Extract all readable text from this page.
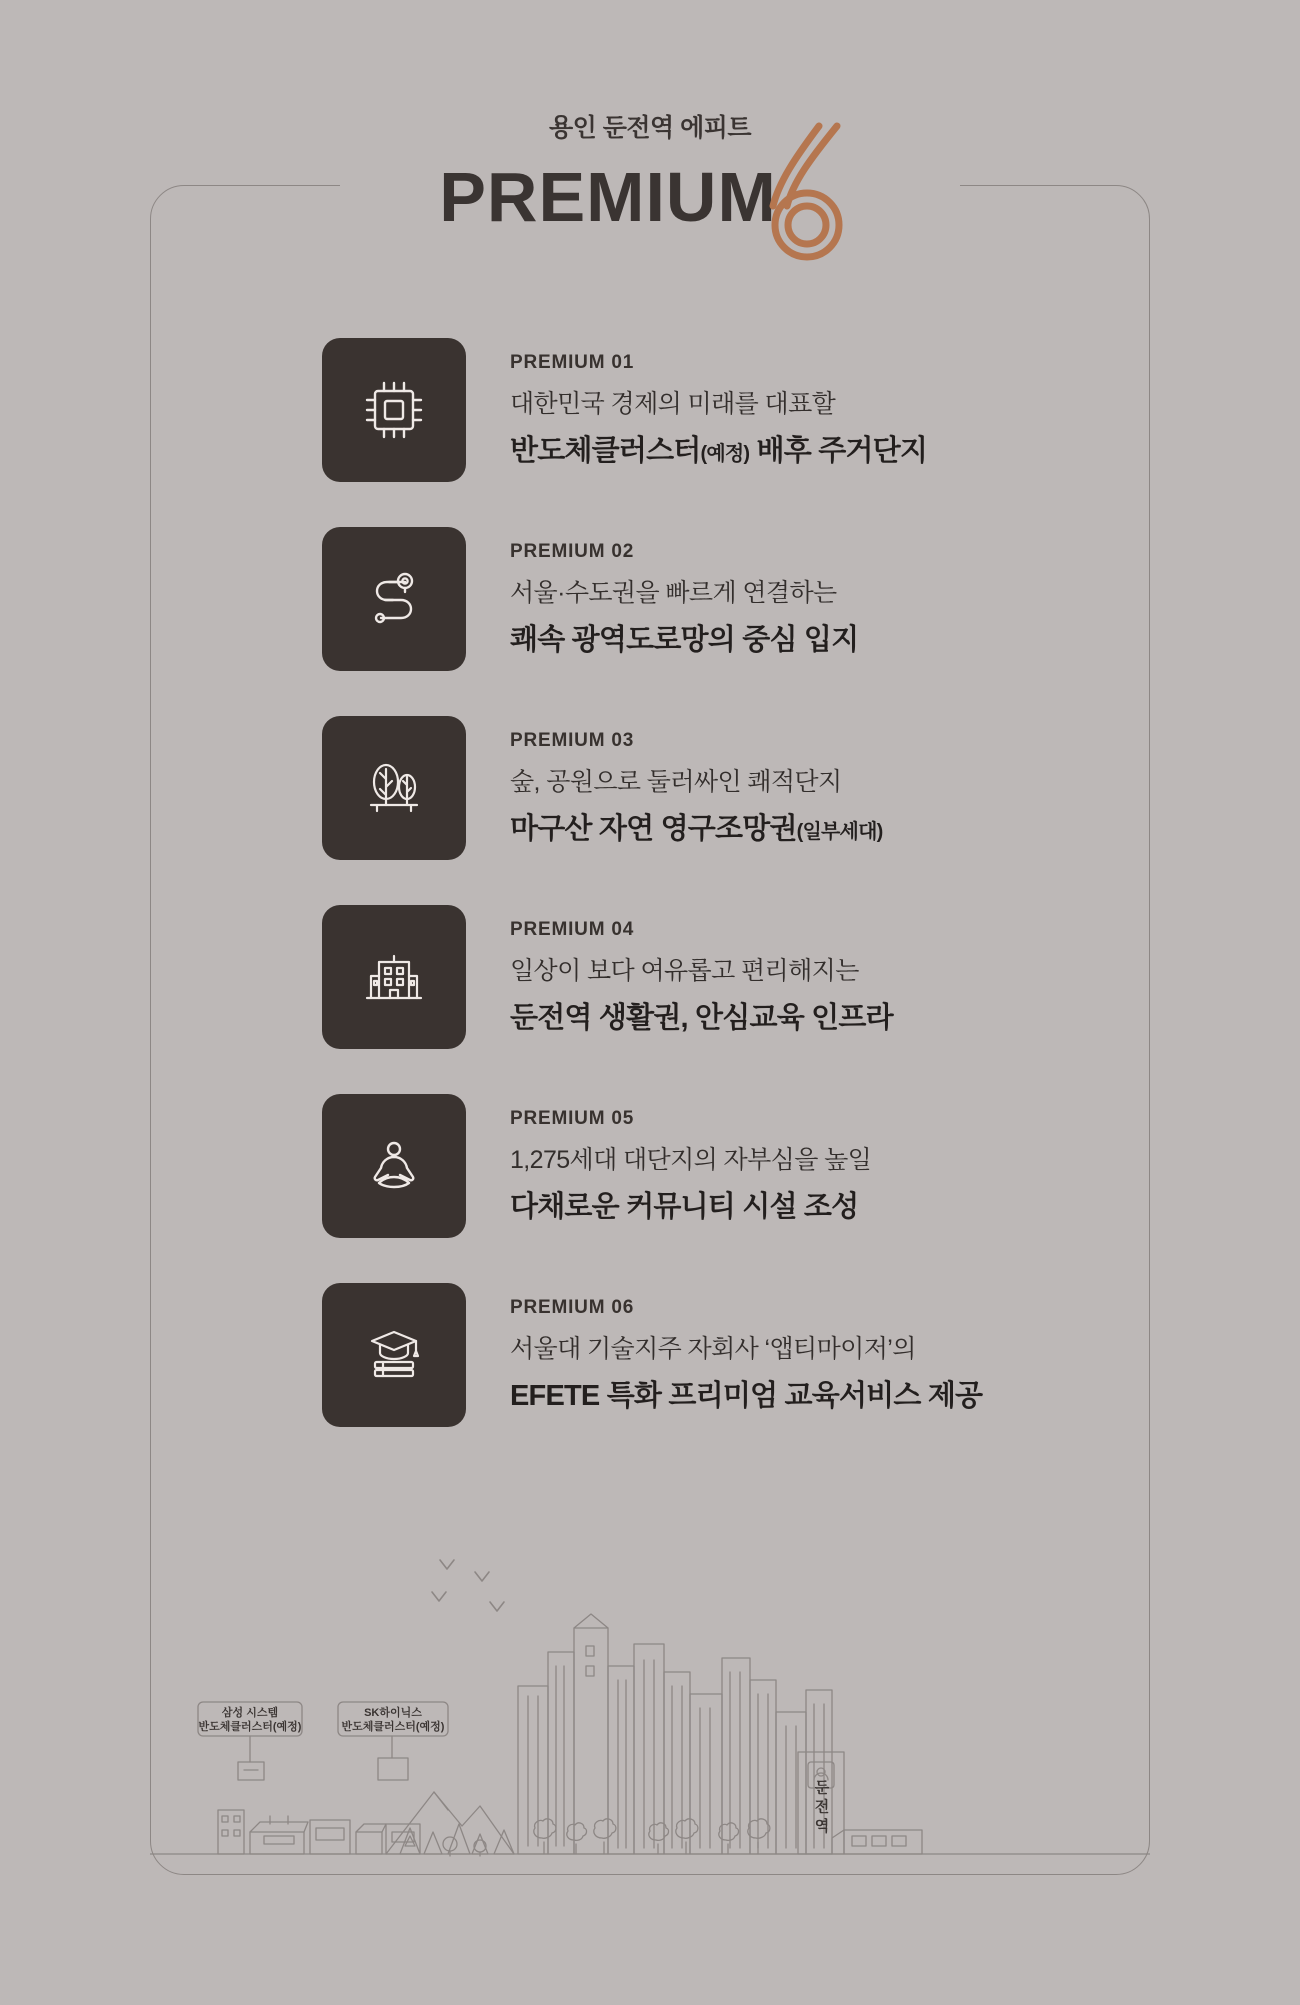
용인 둔전역 에피트
PREMIUM
PREMIUM 01
대한민국 경제의 미래를 대표할
반도체클러스터(예정) 배후 주거단지
PREMIUM 02
서울·수도권을 빠르게 연결하는
쾌속 광역도로망의 중심 입지
PREMIUM 03
숲, 공원으로 둘러싸인 쾌적단지
마구산 자연 영구조망권(일부세대)
PREMIUM 04
일상이 보다 여유롭고 편리해지는
둔전역 생활권, 안심교육 인프라
PREMIUM 05
1,275세대 대단지의 자부심을 높일
다채로운 커뮤니티 시설 조성
PREMIUM 06
서울대 기술지주 자회사 ‘앱티마이저’의
EFETE 특화 프리미엄 교육서비스 제공
삼성 시스템
반도체클러스터(예정)
SK하이닉스
반도체클러스터(예정)
둔 전 역
